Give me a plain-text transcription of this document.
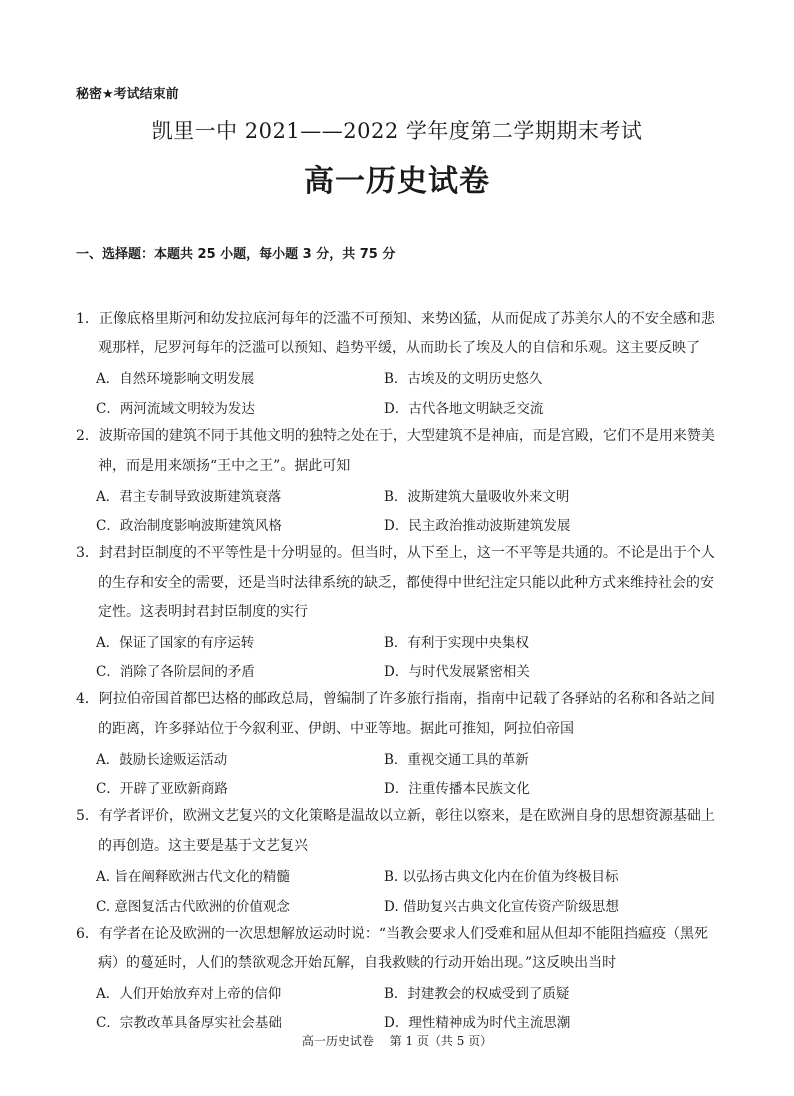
秘密★考试结束前
凯里一中 2021——2022 学年度第二学期期末考试
高一历史试卷
一、选择题：本题共 25 小题，每小题 3 分，共 75 分
1．正像底格里斯河和幼发拉底河每年的泛滥不可预知、来势凶猛，从而促成了苏美尔人的不安全感和悲
观那样，尼罗河每年的泛滥可以预知、趋势平缓，从而助长了埃及人的自信和乐观。这主要反映了
A．自然环境影响文明发展	B．古埃及的文明历史悠久
C．两河流域文明较为发达	D．古代各地文明缺乏交流
2．波斯帝国的建筑不同于其他文明的独特之处在于，大型建筑不是神庙，而是宫殿，它们不是用来赞美
神，而是用来颂扬“王中之王”。据此可知
A．君主专制导致波斯建筑衰落	B．波斯建筑大量吸收外来文明
C．政治制度影响波斯建筑风格	D．民主政治推动波斯建筑发展
3．封君封臣制度的不平等性是十分明显的。但当时，从下至上，这一不平等是共通的。不论是出于个人
的生存和安全的需要，还是当时法律系统的缺乏，都使得中世纪注定只能以此种方式来维持社会的安
定性。这表明封君封臣制度的实行
A．保证了国家的有序运转	B．有利于实现中央集权
C．消除了各阶层间的矛盾	D．与时代发展紧密相关
4．阿拉伯帝国首都巴达格的邮政总局，曾编制了许多旅行指南，指南中记载了各驿站的名称和各站之间
的距离，许多驿站位于今叙利亚、伊朗、中亚等地。据此可推知，阿拉伯帝国
A．鼓励长途贩运活动	B．重视交通工具的革新
C．开辟了亚欧新商路	D．注重传播本民族文化
5．有学者评价，欧洲文艺复兴的文化策略是温故以立新，彰往以察来，是在欧洲自身的思想资源基础上
的再创造。这主要是基于文艺复兴
A. 旨在阐释欧洲古代文化的精髓	B. 以弘扬古典文化内在价值为终极目标
C. 意图复活古代欧洲的价值观念	D. 借助复兴古典文化宣传资产阶级思想
6．有学者在论及欧洲的一次思想解放运动时说：“当教会要求人们受难和屈从但却不能阻挡瘟疫（黑死
病）的蔓延时，人们的禁欲观念开始瓦解，自我救赎的行动开始出现。”这反映出当时
A．人们开始放弃对上帝的信仰	B．封建教会的权威受到了质疑
C．宗教改革具备厚实社会基础	D．理性精神成为时代主流思潮
高一历史试卷　 第 1 页（共 5 页）
